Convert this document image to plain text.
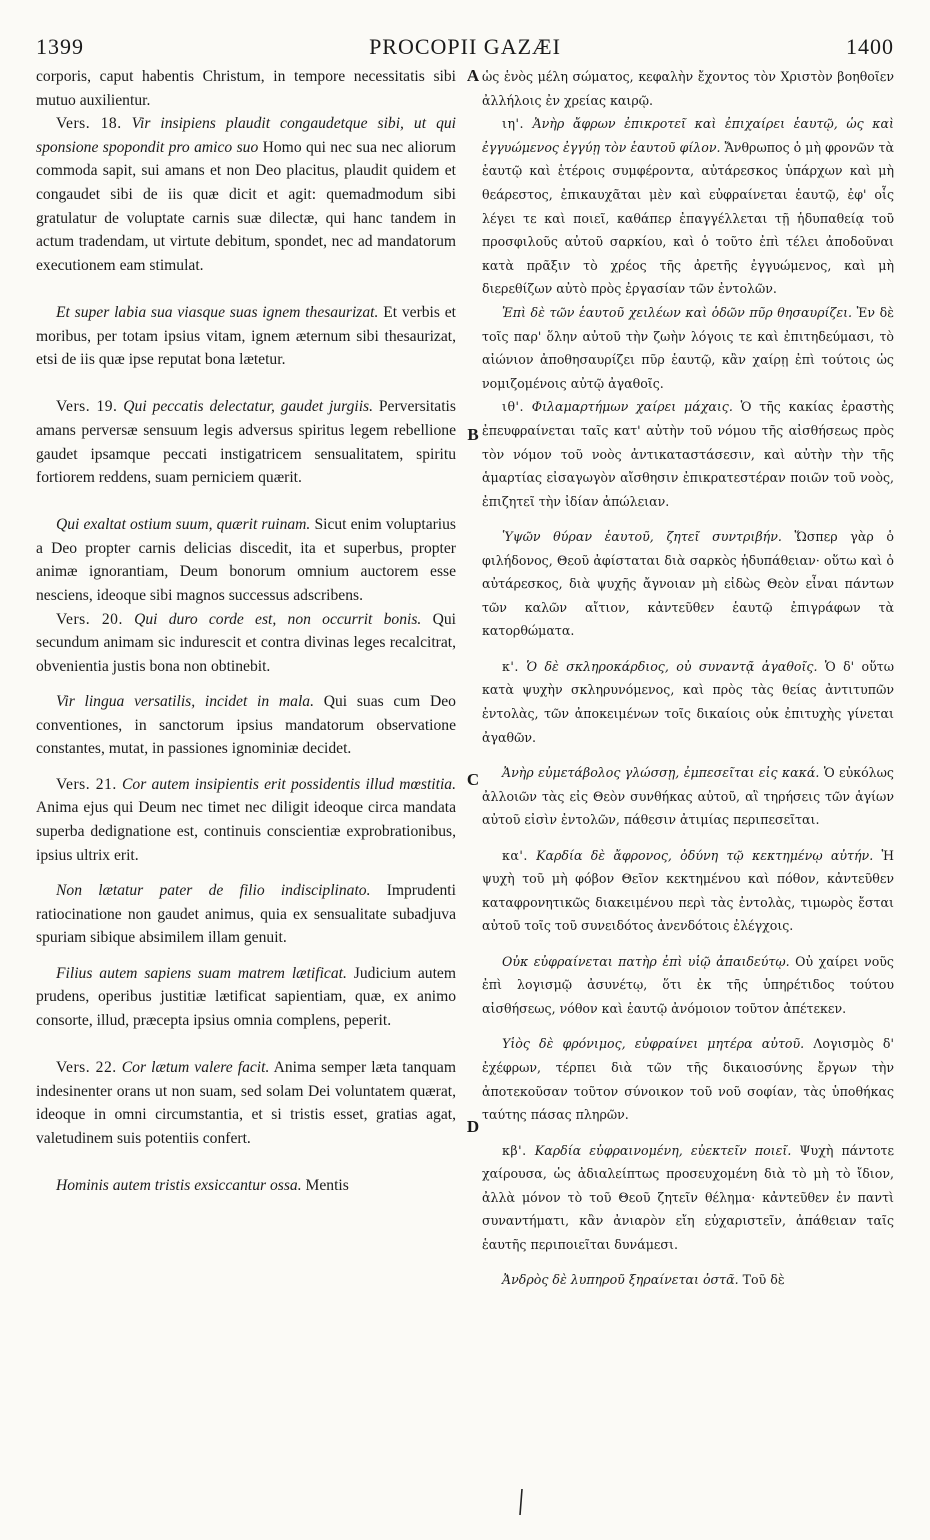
1399	PROCOPII GAZÆI	1400

corporis, caput habentis Christum, in tempore necessitatis sibi mutuo auxilientur.

Vers. 18. Vir insipiens plaudit congaudetque sibi, ut qui sponsione spopondit pro amico suo Homo qui nec sua nec aliorum commoda sapit, sui amans et non Deo placitus, plaudit quidem et congaudet sibi de iis quæ dicit et agit: quemadmodum sibi gratulatur de voluptate carnis suæ dilectæ, qui hanc tandem in actum tradendam, ut virtute debitum, spondet, nec ad mandatorum executionem eam stimulat.

Et super labia sua viasque suas ignem thesaurizat. Et verbis et moribus, per totam ipsius vitam, ignem æternum sibi thesaurizat, etsi de iis quæ ipse reputat bona lætetur.

Vers. 19. Qui peccatis delectatur, gaudet jurgiis. Perversitatis amans perversæ sensuum legis adversus spiritus legem rebellione gaudet ipsamque peccati instigatricem sensualitatem, spiritu fortiorem reddens, suam perniciem quærit.

Qui exaltat ostium suum, quærit ruinam. Sicut enim voluptarius a Deo propter carnis delicias discedit, ita et superbus, propter animæ ignorantiam, Deum bonorum omnium auctorem esse nesciens, ideoque sibi magnos successus adscribens.

Vers. 20. Qui duro corde est, non occurrit bonis. Qui secundum animam sic indurescit et contra divinas leges recalcitrat, obvenientia justis bona non obtinebit.

Vir lingua versatilis, incidet in mala. Qui suas cum Deo conventiones, in sanctorum ipsius mandatorum observatione constantes, mutat, in passiones ignominiæ decidet.

Vers. 21. Cor autem insipientis erit possidentis illud mœstitia. Anima ejus qui Deum nec timet nec diligit ideoque circa mandata superba dedignatione est, continuis conscientiæ exprobrationibus, ipsius ultrix erit.

Non lætatur pater de filio indisciplinato. Imprudenti ratiocinatione non gaudet animus, quia ex sensualitate subadjuva spuriam sibique absimilem illam genuit.

Filius autem sapiens suam matrem lætificat. Judicium autem prudens, operibus justitiæ lætificat sapientiam, quæ, ex animo consorte, illud, præcepta ipsius omnia complens, peperit.

Vers. 22. Cor lætum valere facit. Anima semper læta tanquam indesinenter orans ut non suam, sed solam Dei voluntatem quærat, ideoque in omni circumstantia, et si tristis esset, gratias agat, valetudinem suis potentiis confert.

Hominis autem tristis exsiccantur ossa. Mentis

A
B
C
D

ὡς ἑνὸς μέλη σώματος, κεφαλὴν ἔχοντος τὸν Χριστὸν βοηθοῖεν ἀλλήλοις ἐν χρείας καιρῷ.

ιη'. Ἀνὴρ ἄφρων ἐπικροτεῖ καὶ ἐπιχαίρει ἑαυτῷ, ὡς καὶ ἐγγυώμενος ἐγγύῃ τὸν ἑαυτοῦ φίλον. Ἄνθρωπος ὁ μὴ φρονῶν τὰ ἑαυτῷ καὶ ἑτέροις συμφέροντα, αὐτάρεσκος ὑπάρχων καὶ μὴ θεάρεστος, ἐπικαυχᾶται μὲν καὶ εὐφραίνεται ἑαυτῷ, ἐφ' οἷς λέγει τε καὶ ποιεῖ, καθάπερ ἐπαγγέλλεται τῇ ἡδυπαθείᾳ τοῦ προσφιλοῦς αὐτοῦ σαρκίου, καὶ ὁ τοῦτο ἐπὶ τέλει ἀποδοῦναι κατὰ πρᾶξιν τὸ χρέος τῆς ἀρετῆς ἐγγυώμενος, καὶ μὴ διερεθίζων αὐτὸ πρὸς ἐργασίαν τῶν ἐντολῶν.

Ἐπὶ δὲ τῶν ἑαυτοῦ χειλέων καὶ ὁδῶν πῦρ θησαυρίζει. Ἐν δὲ τοῖς παρ' ὅλην αὐτοῦ τὴν ζωὴν λόγοις τε καὶ ἐπιτηδεύμασι, τὸ αἰώνιον ἀποθησαυρίζει πῦρ ἑαυτῷ, κἂν χαίρῃ ἐπὶ τούτοις ὡς νομιζομένοις αὐτῷ ἀγαθοῖς.

ιθ'. Φιλαμαρτήμων χαίρει μάχαις. Ὁ τῆς κακίας ἐραστὴς ἐπευφραίνεται ταῖς κατ' αὐτὴν τοῦ νόμου τῆς αἰσθήσεως πρὸς τὸν νόμον τοῦ νοὸς ἀντικαταστάσεσιν, καὶ αὐτὴν τὴν τῆς ἁμαρτίας εἰσαγωγὸν αἴσθησιν ἐπικρατεστέραν ποιῶν τοῦ νοὸς, ἐπιζητεῖ τὴν ἰδίαν ἀπώλειαν.

Ὑψῶν θύραν ἑαυτοῦ, ζητεῖ συντριβήν. Ὥσπερ γὰρ ὁ φιλήδονος, Θεοῦ ἀφίσταται διὰ σαρκὸς ἡδυπάθειαν· οὕτω καὶ ὁ αὐτάρεσκος, διὰ ψυχῆς ἄγνοιαν μὴ εἰδὼς Θεὸν εἶναι πάντων τῶν καλῶν αἴτιον, κἀντεῦθεν ἑαυτῷ ἐπιγράφων τὰ κατορθώματα.

κ'. Ὁ δὲ σκληροκάρδιος, οὐ συναντᾷ ἀγαθοῖς. Ὁ δ' οὕτω κατὰ ψυχὴν σκληρυνόμενος, καὶ πρὸς τὰς θείας ἀντιτυπῶν ἐντολὰς, τῶν ἀποκειμένων τοῖς δικαίοις οὐκ ἐπιτυχὴς γίνεται ἀγαθῶν.

Ἀνὴρ εὐμετάβολος γλώσσῃ, ἐμπεσεῖται εἰς κακά. Ὁ εὐκόλως ἀλλοιῶν τὰς εἰς Θεὸν συνθήκας αὐτοῦ, αἳ τηρήσεις τῶν ἁγίων αὐτοῦ εἰσὶν ἐντολῶν, πάθεσιν ἀτιμίας περιπεσεῖται.

κα'. Καρδία δὲ ἄφρονος, ὀδύνη τῷ κεκτημένῳ αὐτήν. Ἡ ψυχὴ τοῦ μὴ φόβον Θεῖον κεκτημένου καὶ πόθον, κἀντεῦθεν καταφρονητικῶς διακειμένου περὶ τὰς ἐντολὰς, τιμωρὸς ἔσται αὐτοῦ τοῖς τοῦ συνειδότος ἀνενδότοις ἐλέγχοις.

Οὐκ εὐφραίνεται πατὴρ ἐπὶ υἱῷ ἀπαιδεύτῳ. Οὐ χαίρει νοῦς ἐπὶ λογισμῷ ἀσυνέτῳ, ὅτι ἐκ τῆς ὑπηρέτιδος τούτου αἰσθήσεως, νόθον καὶ ἑαυτῷ ἀνόμοιον τοῦτον ἀπέτεκεν.

Υἱὸς δὲ φρόνιμος, εὐφραίνει μητέρα αὐτοῦ. Λογισμὸς δ' ἐχέφρων, τέρπει διὰ τῶν τῆς δικαιοσύνης ἔργων τὴν ἀποτεκοῦσαν τοῦτον σύνοικον τοῦ νοῦ σοφίαν, τὰς ὑποθήκας ταύτης πάσας πληρῶν.

κβ'. Καρδία εὐφραινομένη, εὐεκτεῖν ποιεῖ. Ψυχὴ πάντοτε χαίρουσα, ὡς ἀδιαλείπτως προσευχομένη διὰ τὸ μὴ τὸ ἴδιον, ἀλλὰ μόνον τὸ τοῦ Θεοῦ ζητεῖν θέλημα· κἀντεῦθεν ἐν παντὶ συναντήματι, κἂν ἀνιαρὸν εἴη εὐχαριστεῖν, ἀπάθειαν ταῖς ἑαυτῆς περιποιεῖται δυνάμεσι.

Ἀνδρὸς δὲ λυπηροῦ ξηραίνεται ὀστᾶ. Τοῦ δὲ
